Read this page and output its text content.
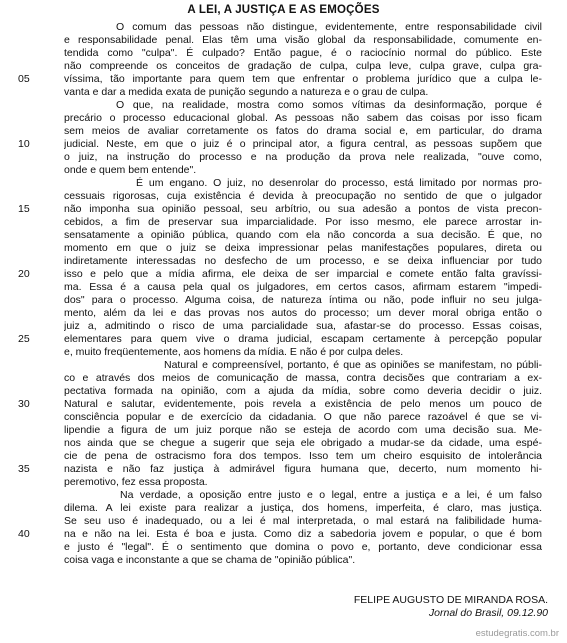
A LEI, A JUSTIÇA E AS EMOÇÕES
O comum das pessoas não distingue, evidentemente, entre responsabilidade civil
e responsabilidade penal. Elas têm uma visão global da responsabilidade, comumente en-
tendida como "culpa". É culpado? Então pague, é o raciocínio normal do público. Este
não compreende os conceitos de gradação de culpa, culpa leve, culpa grave, culpa gra-
05	víssima, tão importante para quem tem que enfrentar o problema jurídico que a culpa le-
vanta e dar a medida exata de punição segundo a natureza e o grau de culpa.
O que, na realidade, mostra como somos vítimas da desinformação, porque é
precário o processo educacional global. As pessoas não sabem das coisas por isso ficam
sem meios de avaliar corretamente os fatos do drama social e, em particular, do drama
10	judicial. Neste, em que o juiz é o principal ator, a figura central, as pessoas supõem que
o juiz, na instrução do processo e na produção da prova nele realizada, "ouve como,
onde e quem bem entende".
É um engano. O juiz, no desenrolar do processo, está limitado por normas pro-
cessuais rigorosas, cuja existência é devida à preocupação no sentido de que o julgador
15	não imponha sua opinião pessoal, seu arbítrio, ou sua adesão a pontos de vista precon-
cebidos, a fim de preservar sua imparcialidade. Por isso mesmo, ele parece arrostar in-
sensatamente a opinião pública, quando com ela não concorda a sua decisão. É que, no
momento em que o juiz se deixa impressionar pelas manifestações populares, direta ou
indiretamente interessadas no desfecho de um processo, e se deixa influenciar por tudo
20	isso e pelo que a mídia afirma, ele deixa de ser imparcial e comete então falta gravíssi-
ma. Essa é a causa pela qual os julgadores, em certos casos, afirmam estarem "impedi-
dos" para o processo. Alguma coisa, de natureza íntima ou não, pode influir no seu julga-
mento, além da lei e das provas nos autos do processo; um dever moral obriga então o
juiz a, admitindo o risco de uma parcialidade sua, afastar-se do processo. Essas coisas,
25	elementares para quem vive o drama judicial, escapam certamente à percepção popular
e, muito freqüentemente, aos homens da mídia. E não é por culpa deles.
Natural e compreensível, portanto, é que as opiniões se manifestam, no públi-
co e através dos meios de comunicação de massa, contra decisões que contrariam a ex-
pectativa formada na opinião, com a ajuda da mídia, sobre como deveria decidir o juiz.
30	Natural e salutar, evidentemente, pois revela a existência de pelo menos um pouco de
consciência popular e de exercício da cidadania. O que não parece razoável é que se vi-
lipendie a figura de um juiz porque não se esteja de acordo com uma decisão sua. Me-
nos ainda que se chegue a sugerir que seja ele obrigado a mudar-se da cidade, uma espé-
cie de pena de ostracismo fora dos tempos. Isso tem um cheiro esquisito de intolerância
35	nazista e não faz justiça à admirável figura humana que, decerto, num momento hi-
peremotivo, fez essa proposta.
Na verdade, a oposição entre justo e o legal, entre a justiça e a lei, é um falso
dilema. A lei existe para realizar a justiça, dos homens, imperfeita, é claro, mas justiça.
Se seu uso é inadequado, ou a lei é mal interpretada, o mal estará na falibilidade huma-
40	na e não na lei. Esta é boa e justa. Como diz a sabedoria jovem e popular, o que é bom
e justo é "legal". É o sentimento que domina o povo e, portanto, deve condicionar essa
coisa vaga e inconstante a que se chama de "opinião pública".
FELIPE AUGUSTO DE MIRANDA ROSA.
Jornal do Brasil, 09.12.90
estudegratis.com.br
